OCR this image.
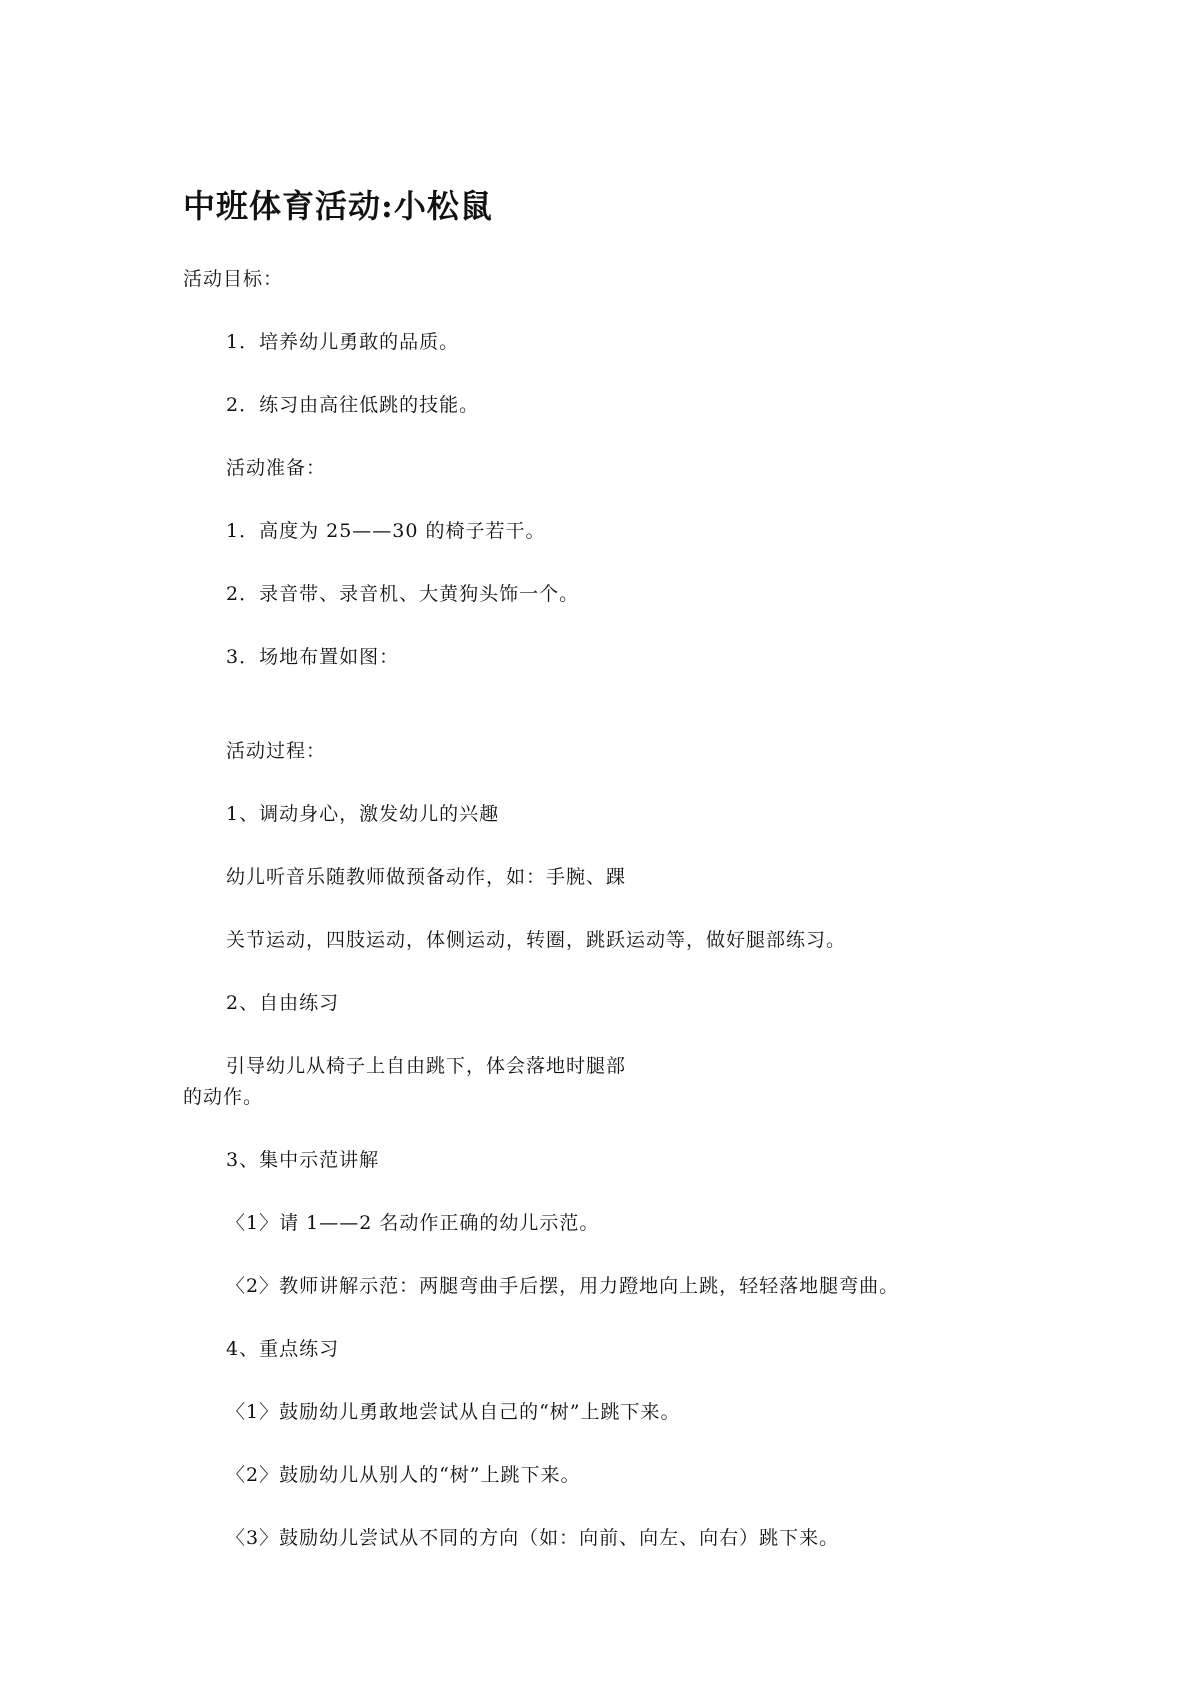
中班体育活动:小松鼠
活动目标：
1．培养幼儿勇敢的品质。
2．练习由高往低跳的技能。
活动准备：
1．高度为 25——30 的椅子若干。
2．录音带、录音机、大黄狗头饰一个。
3．场地布置如图：
活动过程：
1、调动身心，激发幼儿的兴趣
幼儿听音乐随教师做预备动作，如：手腕、踝
关节运动，四肢运动，体侧运动，转圈，跳跃运动等，做好腿部练习。
2、自由练习
引导幼儿从椅子上自由跳下，体会落地时腿部
的动作。
3、集中示范讲解
〈1〉请 1——2 名动作正确的幼儿示范。
〈2〉教师讲解示范：两腿弯曲手后摆，用力蹬地向上跳，轻轻落地腿弯曲。
4、重点练习
〈1〉鼓励幼儿勇敢地尝试从自己的“树”上跳下来。
〈2〉鼓励幼儿从别人的“树”上跳下来。
〈3〉鼓励幼儿尝试从不同的方向（如：向前、向左、向右）跳下来。
